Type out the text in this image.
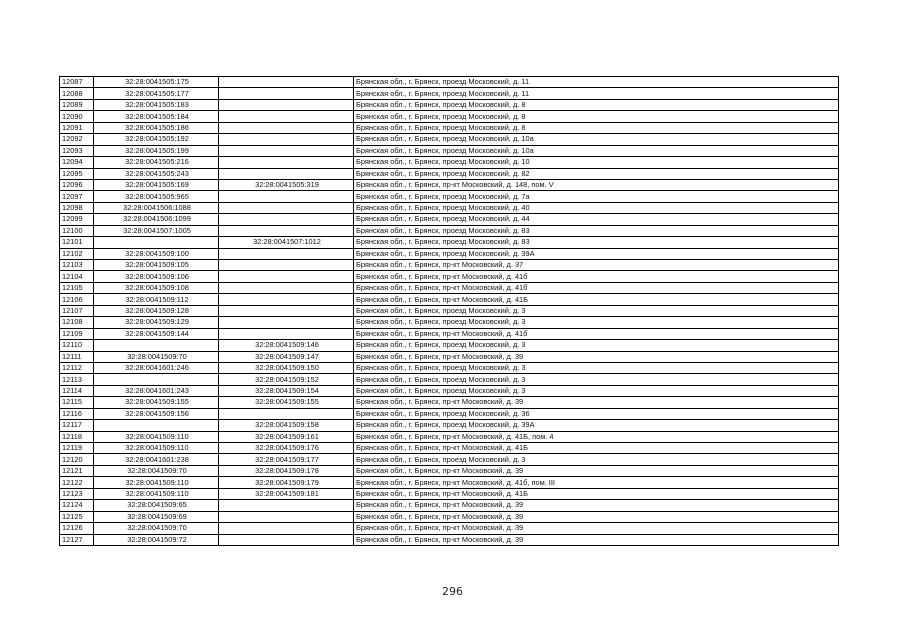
12087	32:28:0041505:175		Брянская обл., г. Брянск, проезд Московский, д. 11
12088	32:28:0041505:177		Брянская обл., г. Брянск, проезд Московский, д. 11
12089	32:28:0041505:183		Брянская обл., г. Брянск, проезд Московский, д. 8
12090	32:28:0041505:184		Брянская обл., г. Брянск, проезд Московский, д. 8
12091	32:28:0041505:186		Брянская обл., г. Брянск, проезд Московский, д. 8
12092	32:28:0041505:192		Брянская обл., г. Брянск, проезд Московский, д. 10а
12093	32:28:0041505:199		Брянская обл., г. Брянск, проезд Московский, д. 10а
12094	32:28:0041505:216		Брянская обл., г. Брянск, проезд Московский, д. 10
12095	32:28:0041505:243		Брянская обл., г. Брянск, проезд Московский, д. 82
12096	32:28:0041505:169	32:28:0041505:319	Брянская обл., г. Брянск, пр-кт Московский, д. 148, пом. V
12097	32:28:0041505:965		Брянская обл., г. Брянск, проезд Московский, д. 7а
12098	32:28:0041506:1088		Брянская обл., г. Брянск, проезд Московский, д. 40
12099	32:28:0041506:1099		Брянская обл., г. Брянск, проезд Московский, д. 44
12100	32:28:0041507:1005		Брянская обл., г. Брянск, проезд Московский, д. 83
12101		32:28:0041507:1012	Брянская обл., г. Брянск, проезд Московский, д. 83
12102	32:28:0041509:100		Брянская обл., г. Брянск, проезд Московский, д. 39А
12103	32:28:0041509:105		Брянская обл., г. Брянск, пр-кт Московский, д. 37
12104	32:28:0041509:106		Брянская обл., г. Брянск, пр-кт Московский, д. 41б
12105	32:28:0041509:108		Брянская обл., г. Брянск, пр-кт Московский, д. 41б
12106	32:28:0041509:112		Брянская обл., г. Брянск, пр-кт Московский, д. 41Б
12107	32:28:0041509:128		Брянская обл., г. Брянск, проезд Московский, д. 3
12108	32:28:0041509:129		Брянская обл., г. Брянск, проезд Московский, д. 3
12109	32:28:0041509:144		Брянская обл., г. Брянск, пр-кт Московский, д. 41б
12110		32:28:0041509:146	Брянская обл., г. Брянск, проезд Московский, д. 3
12111	32:28:0041509:70	32:28:0041509:147	Брянская обл., г. Брянск, пр-кт Московский, д. 39
12112	32:28:0041601:246	32:28:0041509:150	Брянская обл., г. Брянск, проезд Московский, д. 3
12113		32:28:0041509:152	Брянская обл., г. Брянск, проезд Московский, д. 3
12114	32:28:0041601:243	32:28:0041509:154	Брянская обл., г. Брянск, проезд Московский, д. 3
12115	32:28:0041509:155	32:28:0041509:155	Брянская обл., г. Брянск, пр-кт Московский, д. 39
12116	32:28:0041509:156		Брянская обл., г. Брянск, проезд Московский, д. 36
12117		32:28:0041509:158	Брянская обл., г. Брянск, проезд Московский, д. 39А
12118	32:28:0041509:110	32:28:0041509:161	Брянская обл., г. Брянск, пр-кт Московский, д. 41Б, пом. 4
12119	32:28:0041509:110	32:28:0041509:176	Брянская обл., г. Брянск, пр-кт Московский, д. 41Б
12120	32:28:0041601:238	32:28:0041509:177	Брянская обл., г. Брянск, проезд Московский, д. 3
12121	32:28:0041509:70	32:28:0041509:178	Брянская обл., г. Брянск, пр-кт Московский, д. 39
12122	32:28:0041509:110	32:28:0041509:179	Брянская обл., г. Брянск, пр-кт Московский, д. 41б, пом. III
12123	32:28:0041509:110	32:28:0041509:181	Брянская обл., г. Брянск, пр-кт Московский, д. 41Б
12124	32:28:0041509:65		Брянская обл., г. Брянск, пр-кт Московский, д. 39
12125	32:28:0041509:69		Брянская обл., г. Брянск, пр-кт Московский, д. 39
12126	32:28:0041509:70		Брянская обл., г. Брянск, пр-кт Московский, д. 39
12127	32:28:0041509:72		Брянская обл., г. Брянск, пр-кт Московский, д. 39
296
